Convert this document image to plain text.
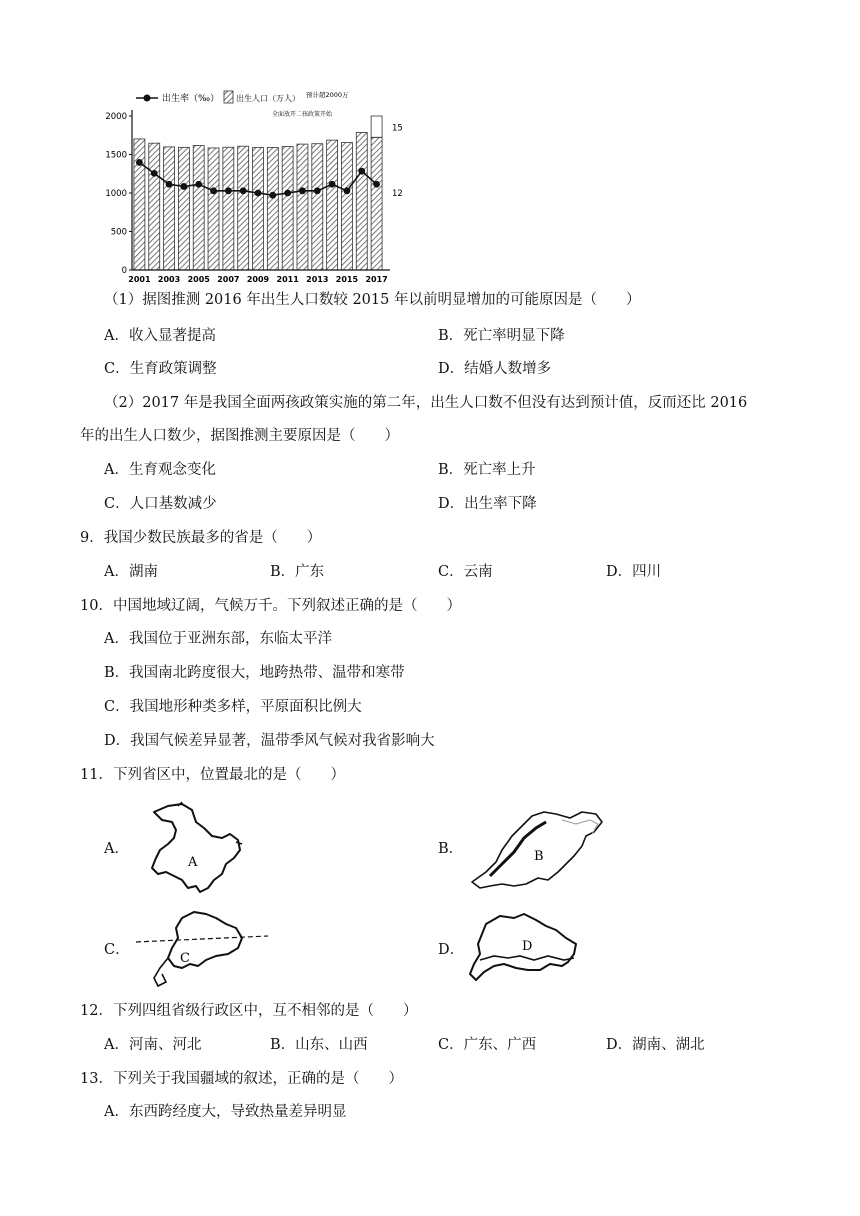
0
500
1000
1500
2000
2001 2003 2005 2007 2009 2011 2013 2015 2017
12
15
出生率（‰） 出生人口（万人） 预计超2000万
全面放开二孩政策开始
（1）据图推测 2016 年出生人口数较 2015 年以前明显增加的可能原因是（　　）
A．收入显著提高	B．死亡率明显下降
C．生育政策调整	D．结婚人数增多
（2）2017 年是我国全面两孩政策实施的第二年，出生人口数不但没有达到预计值，反而还比 2016
年的出生人口数少，据图推测主要原因是（　　）
A．生育观念变化	B．死亡率上升
C．人口基数减少	D．出生率下降
9．我国少数民族最多的省是（　　）
A．湖南	B．广东	C．云南	D．四川
10．中国地域辽阔，气候万千。下列叙述正确的是（　　）
A．我国位于亚洲东部，东临太平洋
B．我国南北跨度很大，地跨热带、温带和寒带
C．我国地形种类多样，平原面积比例大
D．我国气候差异显著，温带季风气候对我省影响大
11．下列省区中，位置最北的是（　　）
A．	B．
C．	D．
A	B
C
D
12．下列四组省级行政区中，互不相邻的是（　　）
A．河南、河北	B．山东、山西	C．广东、广西	D．湖南、湖北
13．下列关于我国疆域的叙述，正确的是（　　）
A．东西跨经度大，导致热量差异明显
